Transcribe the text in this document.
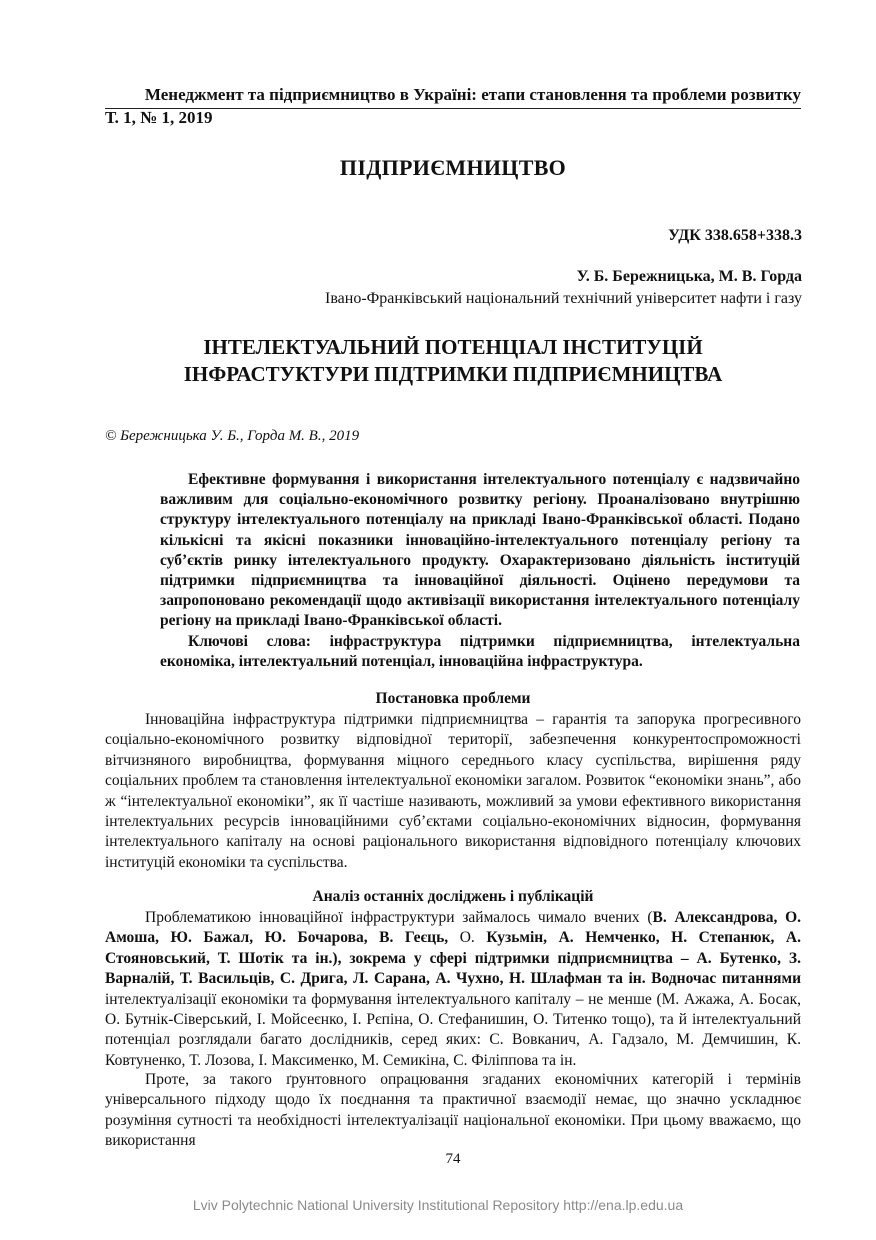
Менеджмент та підприємництво в Україні: етапи становлення та проблеми розвитку
Т. 1, № 1, 2019
ПІДПРИЄМНИЦТВО
УДК 338.658+338.3
У. Б. Бережницька, М. В. Горда
Івано-Франківський національний технічний університет нафти і газу
ІНТЕЛЕКТУАЛЬНИЙ ПОТЕНЦІАЛ ІНСТИТУЦІЙ
ІНФРАСТУКТУРИ ПІДТРИМКИ ПІДПРИЄМНИЦТВА
© Бережницька У. Б., Горда М. В., 2019

Ефективне формування і використання інтелектуального потенціалу є надзвичайно важливим для соціально-економічного розвитку регіону. Проаналізовано внутрішню структуру інтелектуального потенціалу на прикладі Івано-Франківської області. Подано кількісні та якісні показники інноваційно-інтелектуального потенціалу регіону та суб’єктів ринку інтелектуального продукту. Охарактеризовано діяльність інституцій підтримки підприємництва та інноваційної діяльності. Оцінено передумови та запропоновано рекомендації щодо активізації використання інтелектуального потенціалу регіону на прикладі Івано-Франківської області.

Ключові слова: інфраструктура підтримки підприємництва, інтелектуальна економіка, інтелектуальний потенціал, інноваційна інфраструктура.

Постановка проблеми

Інноваційна інфраструктура підтримки підприємництва – гарантія та запорука прогресивного соціально-економічного розвитку відповідної території, забезпечення конкурентоспроможності вітчизняного виробництва, формування міцного середнього класу суспільства, вирішення ряду соціальних проблем та становлення інтелектуальної економіки загалом. Розвиток “економіки знань”, або ж “інтелектуальної економіки”, як її частіше називають, можливий за умови ефективного використання інтелектуальних ресурсів інноваційними суб’єктами соціально-економічних відносин, формування інтелектуального капіталу на основі раціонального використання відповідного потенціалу ключових інституцій економіки та суспільства.

Аналіз останніх досліджень і публікацій

Проблематикою інноваційної інфраструктури займалось чимало вчених (В. Александрова, О. Амоша, Ю. Бажал, Ю. Бочарова, В. Геєць, О. Кузьмін, А. Немченко, Н. Степанюк, А. Стояновський, Т. Шотік та ін.), зокрема у сфері підтримки підприємництва – А. Бутенко, З. Варналій, Т. Васильців, С. Дрига, Л. Сарана, А. Чухно, Н. Шлафман та ін. Водночас питаннями інтелектуалізації економіки та формування інтелектуального капіталу – не менше (М. Ажажа, А. Босак, О. Бутнік-Сіверський, І. Мойсеєнко, І. Рєпіна, О. Стефанишин, О. Титенко тощо), та й інтелектуальний потенціал розглядали багато дослідників, серед яких: С. Вовканич, А. Гадзало, М. Демчишин, К. Ковтуненко, Т. Лозова, І. Максименко, М. Семикіна, С. Філіппова та ін.

Проте, за такого ґрунтовного опрацювання згаданих економічних категорій і термінів універсального підходу щодо їх поєднання та практичної взаємодії немає, що значно ускладнює розуміння сутності та необхідності інтелектуалізації національної економіки. При цьому вважаємо, що використання

74
Lviv Polytechnic National University Institutional Repository http://ena.lp.edu.ua
